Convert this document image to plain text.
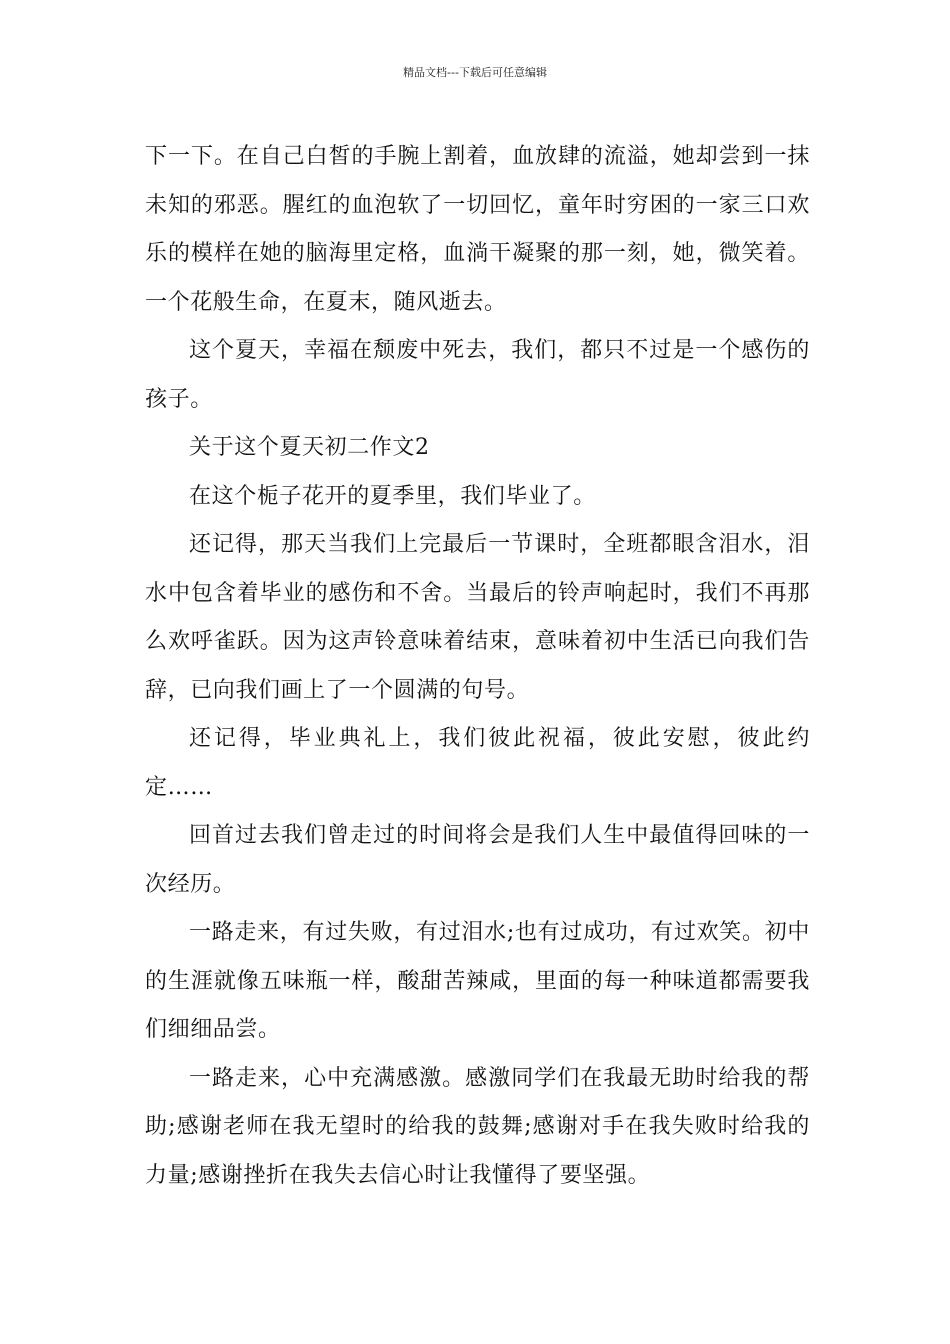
精品文档---下载后可任意编辑

下一下。在自己白皙的手腕上割着，血放肆的流溢，她却尝到一抹未知的邪恶。腥红的血泡软了一切回忆，童年时穷困的一家三口欢乐的模样在她的脑海里定格，血淌干凝聚的那一刻，她，微笑着。一个花般生命，在夏末，随风逝去。

这个夏天，幸福在颓废中死去，我们，都只不过是一个感伤的孩子。

关于这个夏天初二作文2

在这个栀子花开的夏季里，我们毕业了。

还记得，那天当我们上完最后一节课时，全班都眼含泪水，泪水中包含着毕业的感伤和不舍。当最后的铃声响起时，我们不再那么欢呼雀跃。因为这声铃意味着结束，意味着初中生活已向我们告辞，已向我们画上了一个圆满的句号。

还记得，毕业典礼上，我们彼此祝福，彼此安慰，彼此约定……

回首过去我们曾走过的时间将会是我们人生中最值得回味的一次经历。

一路走来，有过失败，有过泪水;也有过成功，有过欢笑。初中的生涯就像五味瓶一样，酸甜苦辣咸，里面的每一种味道都需要我们细细品尝。

一路走来，心中充满感激。感激同学们在我最无助时给我的帮助;感谢老师在我无望时的给我的鼓舞;感谢对手在我失败时给我的力量;感谢挫折在我失去信心时让我懂得了要坚强。
